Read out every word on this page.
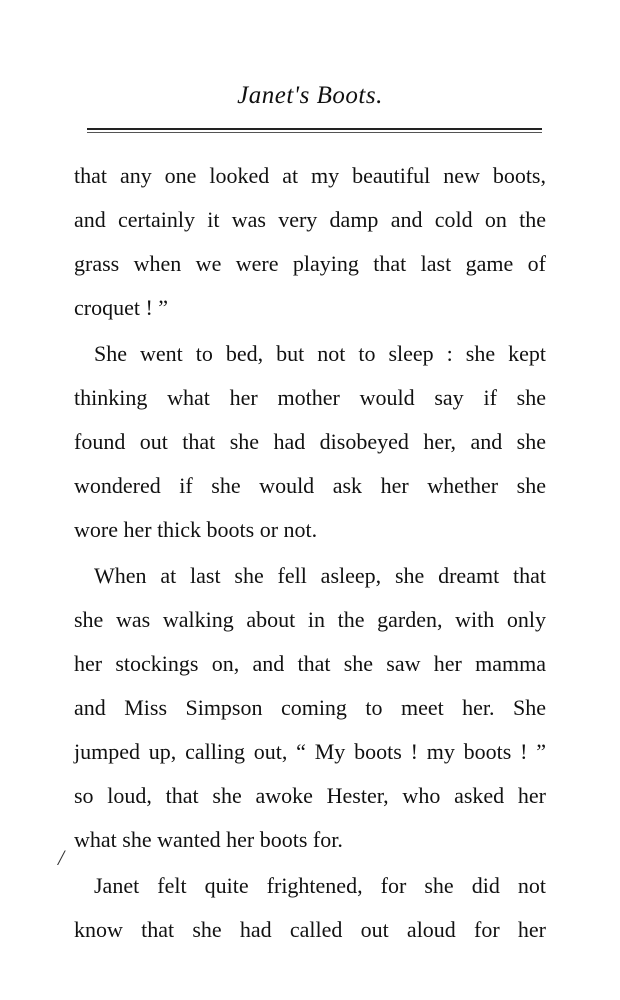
Janet's Boots.
/
that any one looked at my beautiful new boots,
and certainly it was very damp and cold on the
grass when we were playing that last game of
croquet ! ”
She went to bed, but not to sleep : she kept
thinking what her mother would say if she
found out that she had disobeyed her, and she
wondered if she would ask her whether she
wore her thick boots or not.
When at last she fell asleep, she dreamt that
she was walking about in the garden, with only
her stockings on, and that she saw her mamma
and Miss Simpson coming to meet her. She
jumped up, calling out, “ My boots ! my boots ! ”
so loud, that she awoke Hester, who asked her
what she wanted her boots for.
Janet felt quite frightened, for she did not
know that she had called out aloud for her
